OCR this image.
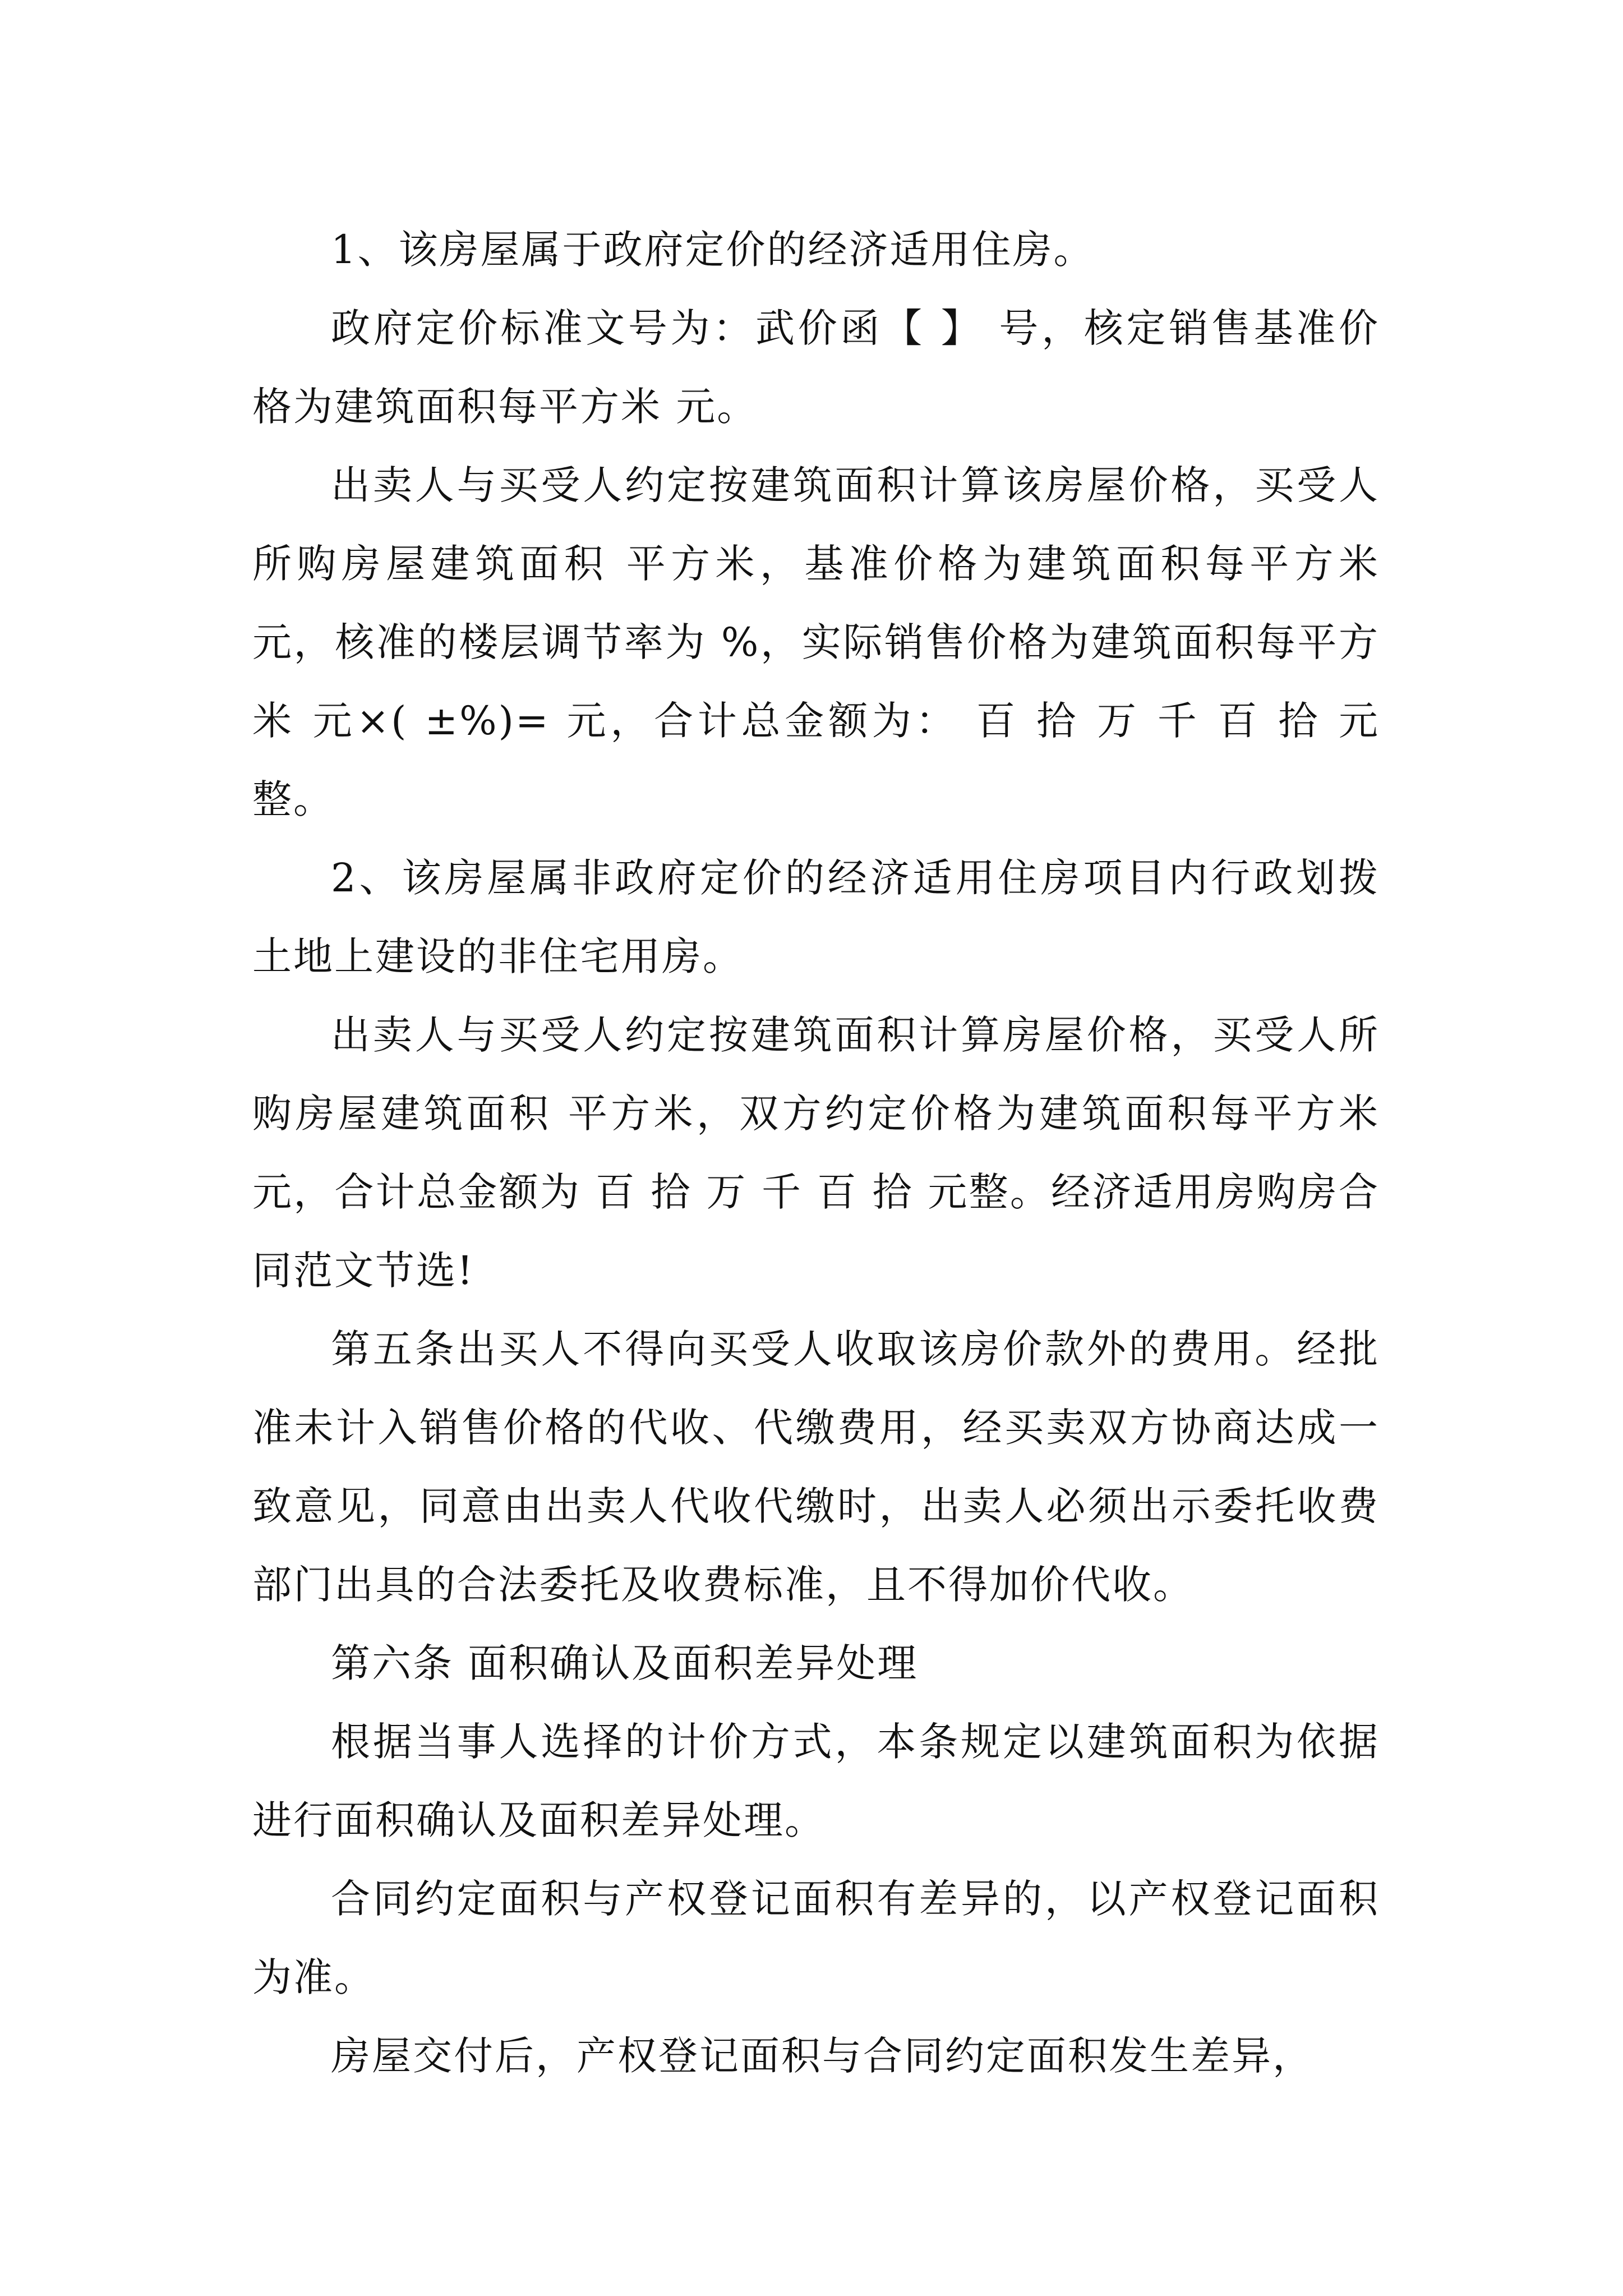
1、该房屋属于政府定价的经济适用住房。

政府定价标准文号为：武价函【 】 号，核定销售基准价格为建筑面积每平方米 元。

出卖人与买受人约定按建筑面积计算该房屋价格，买受人所购房屋建筑面积 平方米，基准价格为建筑面积每平方米 元，核准的楼层调节率为 %，实际销售价格为建筑面积每平方米 元×( ±%)= 元，合计总金额为： 百 拾 万 千 百 拾 元整。

2、该房屋属非政府定价的经济适用住房项目内行政划拨土地上建设的非住宅用房。

出卖人与买受人约定按建筑面积计算房屋价格，买受人所购房屋建筑面积 平方米，双方约定价格为建筑面积每平方米元，合计总金额为 百 拾 万 千 百 拾 元整。经济适用房购房合同范文节选!

第五条出买人不得向买受人收取该房价款外的费用。经批准未计入销售价格的代收、代缴费用，经买卖双方协商达成一致意见，同意由出卖人代收代缴时，出卖人必须出示委托收费部门出具的合法委托及收费标准，且不得加价代收。

第六条 面积确认及面积差异处理

根据当事人选择的计价方式，本条规定以建筑面积为依据进行面积确认及面积差异处理。

合同约定面积与产权登记面积有差异的，以产权登记面积为准。

房屋交付后，产权登记面积与合同约定面积发生差异，
